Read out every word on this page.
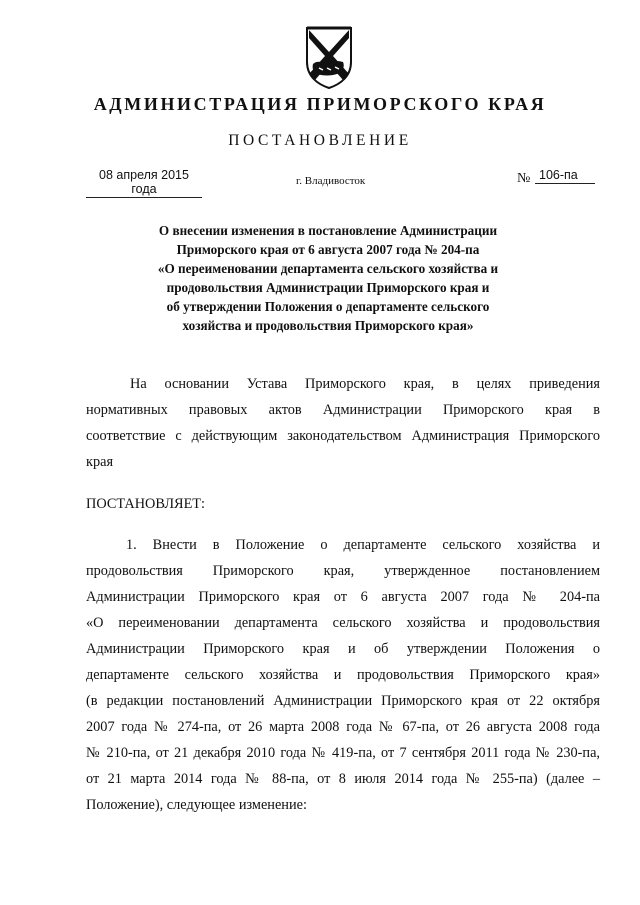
АДМИНИСТРАЦИЯ ПРИМОРСКОГО КРАЯ
ПОСТАНОВЛЕНИЕ
08 апреля 2015 года
г. Владивосток	№ 106-па
О внесении изменения в постановление Администрации
Приморского края от 6 августа 2007 года № 204-па
«О переименовании департамента сельского хозяйства и
продовольствия Администрации Приморского края и
об утверждении Положения о департаменте сельского
хозяйства и продовольствия Приморского края»
На основании Устава Приморского края, в целях приведения
нормативных правовых актов Администрации Приморского края в
соответствие с действующим законодательством Администрация Приморского
края
ПОСТАНОВЛЯЕТ:
1. Внести в Положение о департаменте сельского хозяйства и
продовольствия Приморского края, утвержденное постановлением
Администрации Приморского края от 6 августа 2007 года № 204-па
«О переименовании департамента сельского хозяйства и продовольствия
Администрации Приморского края и об утверждении Положения о
департаменте сельского хозяйства и продовольствия Приморского края»
(в редакции постановлений Администрации Приморского края от 22 октября
2007 года № 274-па, от 26 марта 2008 года № 67-па, от 26 августа 2008 года
№ 210-па, от 21 декабря 2010 года № 419-па, от 7 сентября 2011 года № 230-па,
от 21 марта 2014 года № 88-па, от 8 июля 2014 года № 255-па) (далее –
Положение), следующее изменение:
